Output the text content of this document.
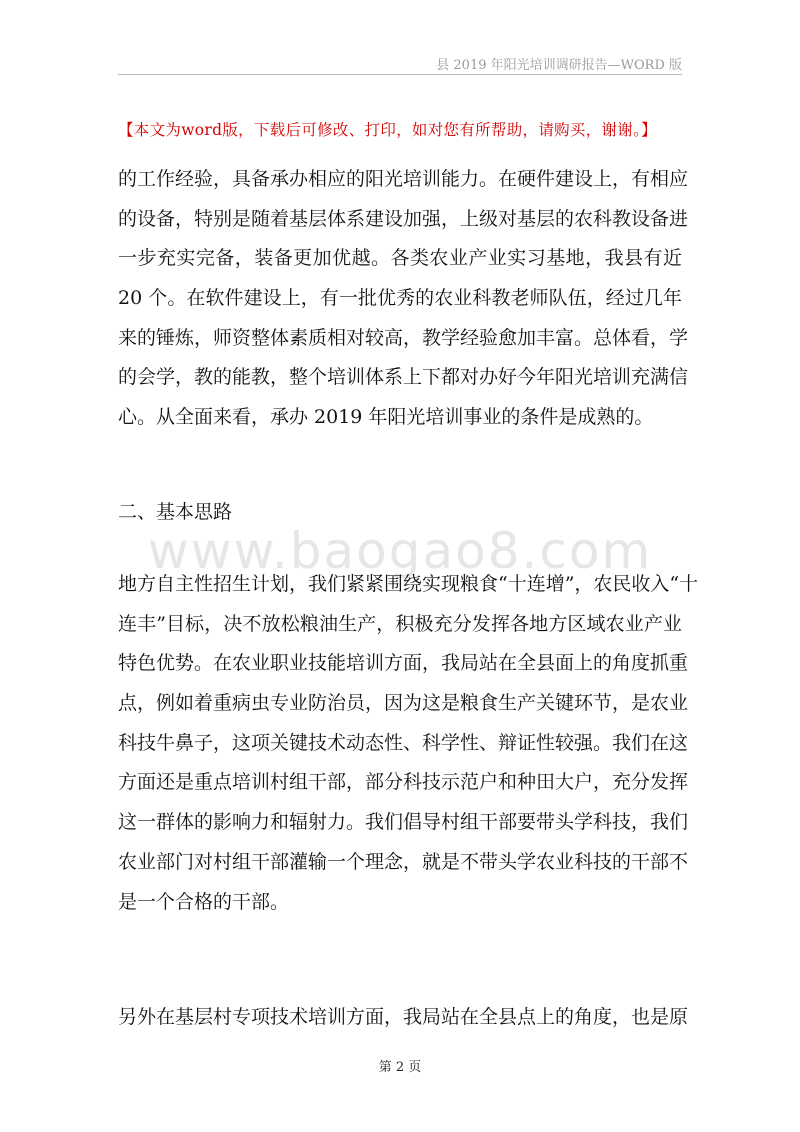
县 2019 年阳光培训调研报告—WORD 版
【本文为word版，下载后可修改、打印，如对您有所帮助，请购买，谢谢。】
的工作经验，具备承办相应的阳光培训能力。在硬件建设上，有相应
的设备，特别是随着基层体系建设加强，上级对基层的农科教设备进
一步充实完备，装备更加优越。各类农业产业实习基地，我县有近
20 个。在软件建设上，有一批优秀的农业科教老师队伍，经过几年
来的锤炼，师资整体素质相对较高，教学经验愈加丰富。总体看，学
的会学，教的能教，整个培训体系上下都对办好今年阳光培训充满信
心。从全面来看，承办 2019 年阳光培训事业的条件是成熟的。
二、基本思路
www.baogao8.com
地方自主性招生计划，我们紧紧围绕实现粮食“十连增”，农民收入“十
连丰”目标，决不放松粮油生产，积极充分发挥各地方区域农业产业
特色优势。在农业职业技能培训方面，我局站在全县面上的角度抓重
点，例如着重病虫专业防治员，因为这是粮食生产关键环节，是农业
科技牛鼻子，这项关键技术动态性、科学性、辩证性较强。我们在这
方面还是重点培训村组干部，部分科技示范户和种田大户，充分发挥
这一群体的影响力和辐射力。我们倡导村组干部要带头学科技，我们
农业部门对村组干部灌输一个理念，就是不带头学农业科技的干部不
是一个合格的干部。
另外在基层村专项技术培训方面，我局站在全县点上的角度，也是原
第 2 页
